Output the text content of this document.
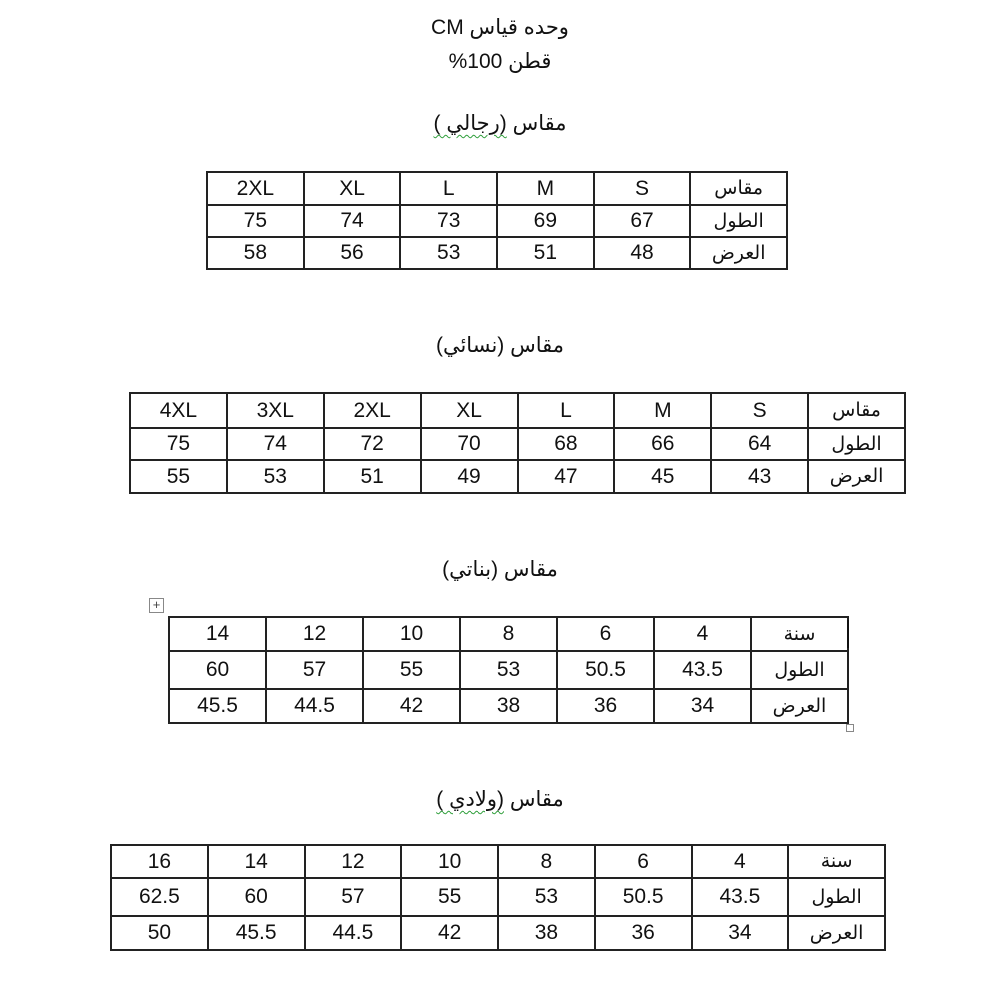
وحده قياس CM
قطن 100%
مقاس (رجالي )
مقاس	S	M	L	XL	2XL
الطول	67	69	73	74	75
العرض	48	51	53	56	58
مقاس (نسائي)
مقاس	S	M	L	XL	2XL	3XL	4XL
الطول	64	66	68	70	72	74	75
العرض	43	45	47	49	51	53	55
مقاس (بناتي)
+
سنة	4	6	8	10	12	14
الطول	43.5	50.5	53	55	57	60
العرض	34	36	38	42	44.5	45.5
مقاس (ولادي )
سنة	4	6	8	10	12	14	16
الطول	43.5	50.5	53	55	57	60	62.5
العرض	34	36	38	42	44.5	45.5	50
